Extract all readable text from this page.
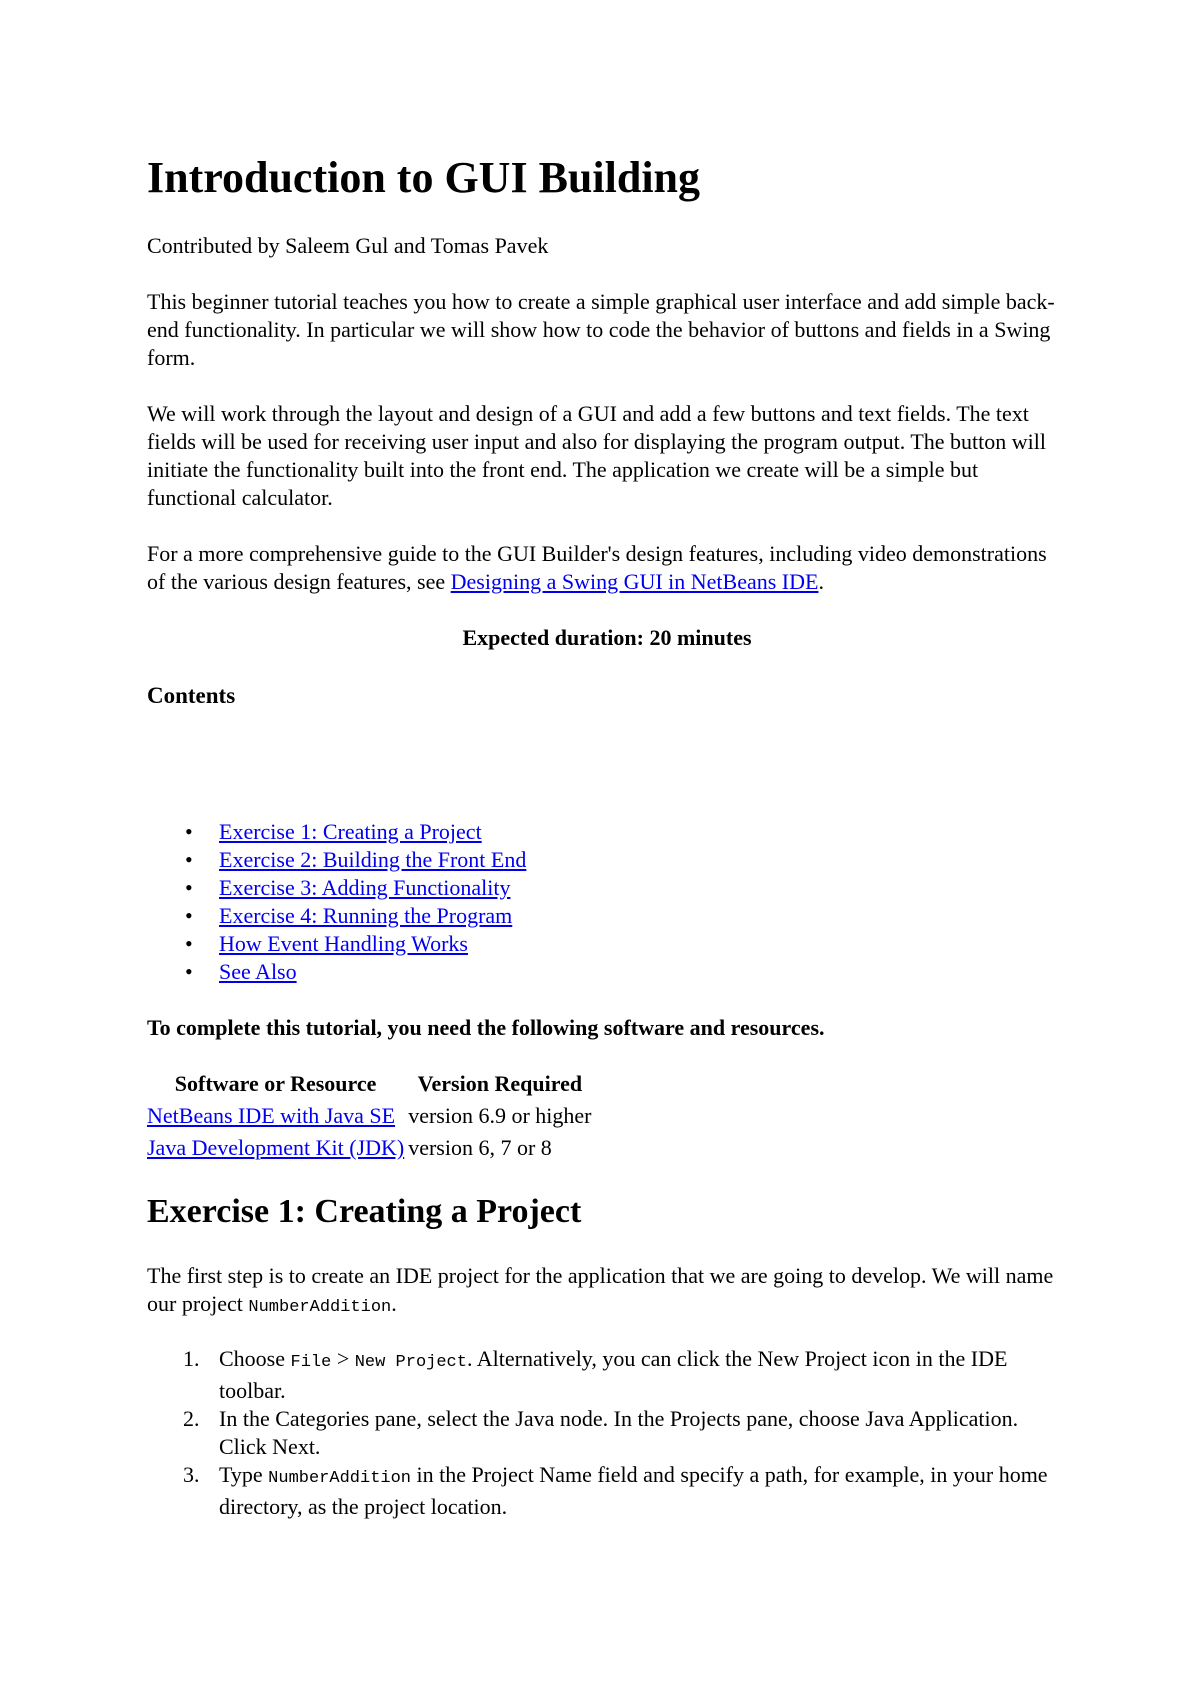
Introduction to GUI Building

Contributed by Saleem Gul and Tomas Pavek

This beginner tutorial teaches you how to create a simple graphical user interface and add simple back-end functionality. In particular we will show how to code the behavior of buttons and fields in a Swing form.

We will work through the layout and design of a GUI and add a few buttons and text fields. The text fields will be used for receiving user input and also for displaying the program output. The button will initiate the functionality built into the front end. The application we create will be a simple but functional calculator.

For a more comprehensive guide to the GUI Builder's design features, including video demonstrations of the various design features, see Designing a Swing GUI in NetBeans IDE.

Expected duration: 20 minutes

Contents
• Exercise 1: Creating a Project
• Exercise 2: Building the Front End
• Exercise 3: Adding Functionality
• Exercise 4: Running the Program
• How Event Handling Works
• See Also

To complete this tutorial, you need the following software and resources.

Software or Resource	Version Required
NetBeans IDE with Java SE	version 6.9 or higher
Java Development Kit (JDK)	version 6, 7 or 8
Exercise 1: Creating a Project

The first step is to create an IDE project for the application that we are going to develop. We will name our project NumberAddition.

1. Choose File > New Project. Alternatively, you can click the New Project icon in the IDE toolbar.
2. In the Categories pane, select the Java node. In the Projects pane, choose Java Application. Click Next.
3. Type NumberAddition in the Project Name field and specify a path, for example, in your home directory, as the project location.
